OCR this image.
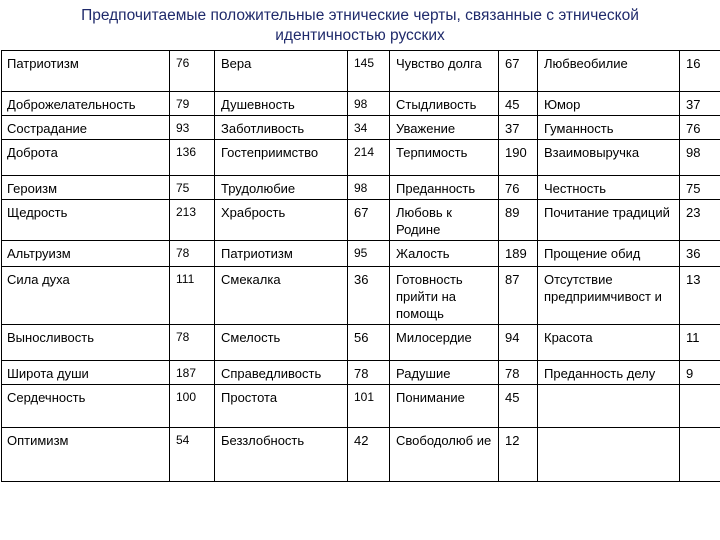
Предпочитаемые положительные этнические черты, связанные с этнической
идентичностью русских
Патриотизм	76	Вера	145	Чувство долга	67	Любвеобилие	16
Доброжелательность	79	Душевность	98	Стыдливость	45	Юмор	37
Сострадание	93	Заботливость	34	Уважение	37	Гуманность	76
Доброта	136	Гостеприимство	214	Терпимость	190	Взаимовыручка	98
Героизм	75	Трудолюбие	98	Преданность	76	Честность	75
Щедрость	213	Храбрость	67	Любовь к Родине	89	Почитание традиций	23
Альтруизм	78	Патриотизм	95	Жалость	189	Прощение обид	36
Сила духа	111	Смекалка	36	Готовность прийти на помощь	87	Отсутствие предприимчивост и	13
Выносливость	78	Смелость	56	Милосердие	94	Красота	11
Широта души	187	Справедливость	78	Радушие	78	Преданность делу	9
Сердечность	100	Простота	101	Понимание	45		
Оптимизм	54	Беззлобность	42	Свободолюб ие	12		
